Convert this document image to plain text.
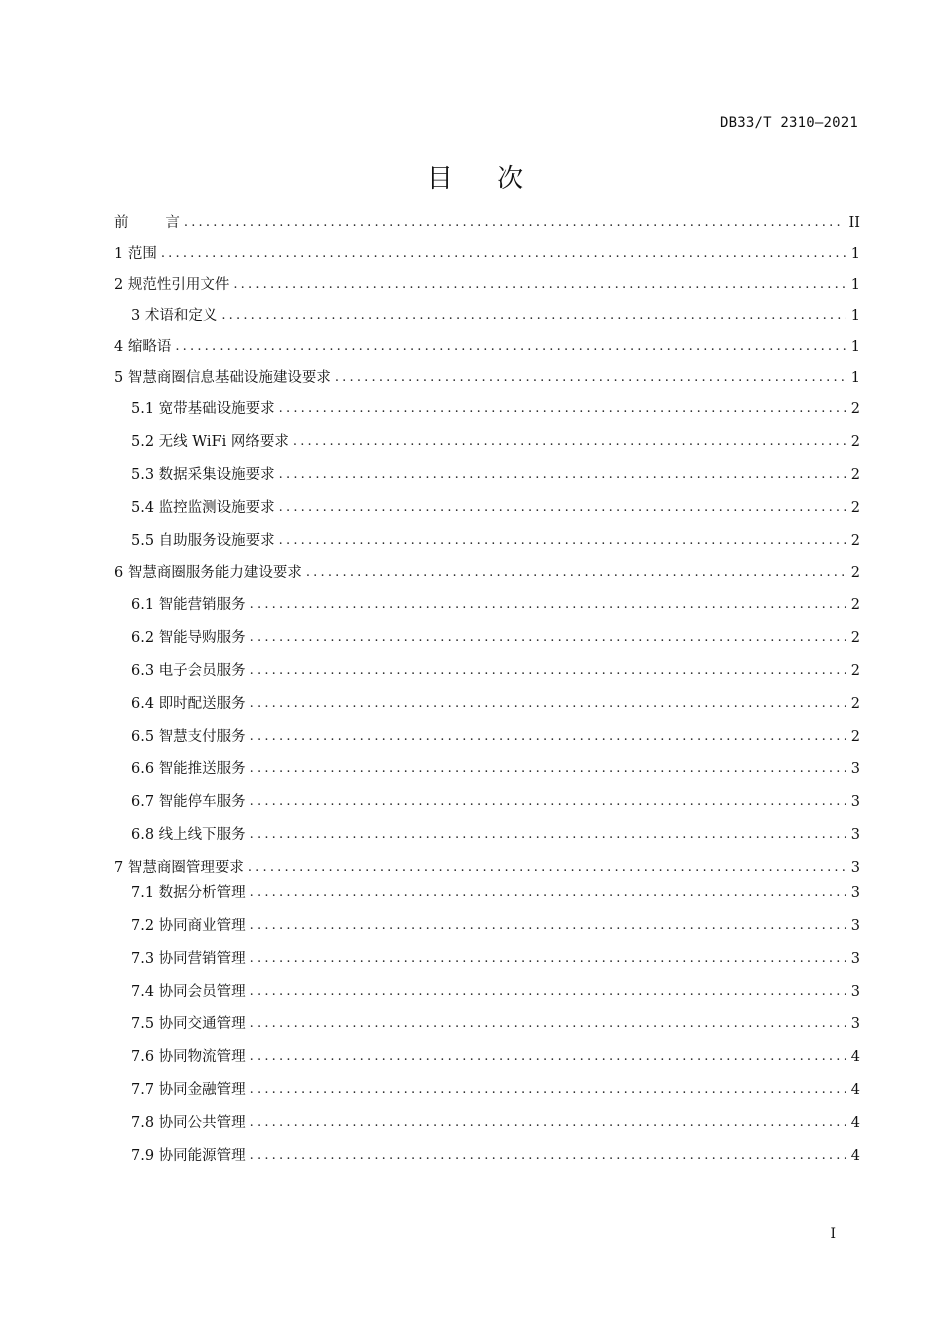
DB33/T 2310—2021
目 次
前        言 .....	II
1 范围 .....	1
2 规范性引用文件 .....	1
3 术语和定义 .....	1
4 缩略语 .....	1
5 智慧商圈信息基础设施建设要求 .....	1
5.1 宽带基础设施要求 .....	2
5.2 无线 WiFi 网络要求 .....	2
5.3 数据采集设施要求 .....	2
5.4 监控监测设施要求 .....	2
5.5 自助服务设施要求 .....	2
6 智慧商圈服务能力建设要求 .....	2
6.1 智能营销服务 .....	2
6.2 智能导购服务 .....	2
6.3 电子会员服务 .....	2
6.4 即时配送服务 .....	2
6.5 智慧支付服务 .....	2
6.6 智能推送服务 .....	3
6.7 智能停车服务 .....	3
6.8 线上线下服务 .....	3
7 智慧商圈管理要求 .....	3
7.1 数据分析管理 .....	3
7.2 协同商业管理 .....	3
7.3 协同营销管理 .....	3
7.4 协同会员管理 .....	3
7.5 协同交通管理 .....	3
7.6 协同物流管理 .....	4
7.7 协同金融管理 .....	4
7.8 协同公共管理 .....	4
7.9 协同能源管理 .....	4
I
